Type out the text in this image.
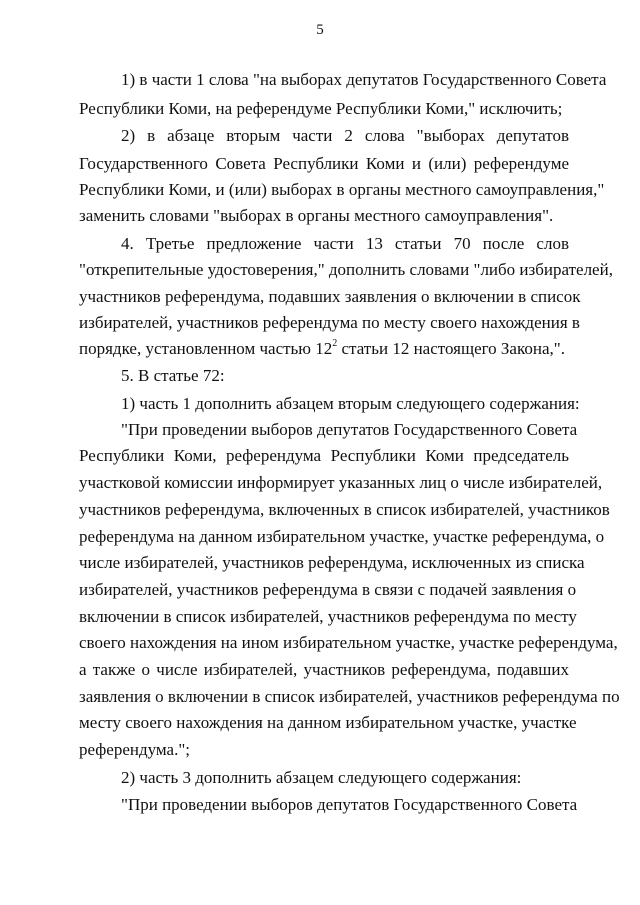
5
1) в части 1 слова "на выборах депутатов Государственного Совета
Республики Коми, на референдуме Республики Коми," исключить;
2) в абзаце вторым части 2 слова "выборах депутатов
Государственного Совета Республики Коми и (или) референдуме
Республики Коми, и (или) выборах в органы местного самоуправления,"
заменить словами "выборах в органы местного самоуправления".
4. Третье предложение части 13 статьи 70 после слов
"открепительные удостоверения," дополнить словами "либо избирателей,
участников референдума, подавших заявления о включении в список
избирателей, участников референдума по месту своего нахождения в
порядке, установленном частью $12^2$ статьи 12 настоящего Закона,".
5. В статье 72:
1) часть 1 дополнить абзацем вторым следующего содержания:
"При проведении выборов депутатов Государственного Совета
Республики Коми, референдума Республики Коми председатель
участковой комиссии информирует указанных лиц о числе избирателей,
участников референдума, включенных в список избирателей, участников
референдума на данном избирательном участке, участке референдума, о
числе избирателей, участников референдума, исключенных из списка
избирателей, участников референдума в связи с подачей заявления о
включении в список избирателей, участников референдума по месту
своего нахождения на ином избирательном участке, участке референдума,
а также о числе избирателей, участников референдума, подавших
заявления о включении в список избирателей, участников референдума по
месту своего нахождения на данном избирательном участке, участке
референдума.";
2) часть 3 дополнить абзацем следующего содержания:
"При проведении выборов депутатов Государственного Совета
